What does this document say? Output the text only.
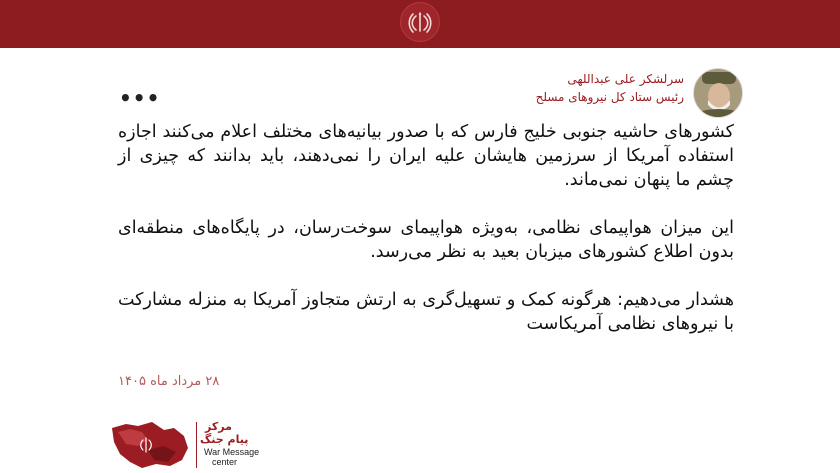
•••
سرلشکر علی عبداللهی
رئیس ستاد کل نیروهای مسلح

کشورهای حاشیه جنوبی خلیج فارس که با صدور بیانیه‌های مختلف اعلام می‌کنند اجازه استفاده آمریکا از سرزمین هایشان علیه ایران را نمی‌دهند، باید بدانند که چیزی از چشم ما پنهان نمی‌ماند.

این میزان هواپیمای نظامی، به‌ویژه هواپیمای سوخت‌رسان، در پایگاه‌های منطقه‌ای بدون اطلاع کشورهای میزبان بعید به نظر می‌رسد.

هشدار می‌دهیم: هرگونه کمک و تسهیل‌گری به ارتش متجاوز آمریکا به منزله مشارکت با نیروهای نظامی آمریکاست

۲۸ مرداد ماه ۱۴۰۵
مرکز
پیام جنگ
War Message
center
